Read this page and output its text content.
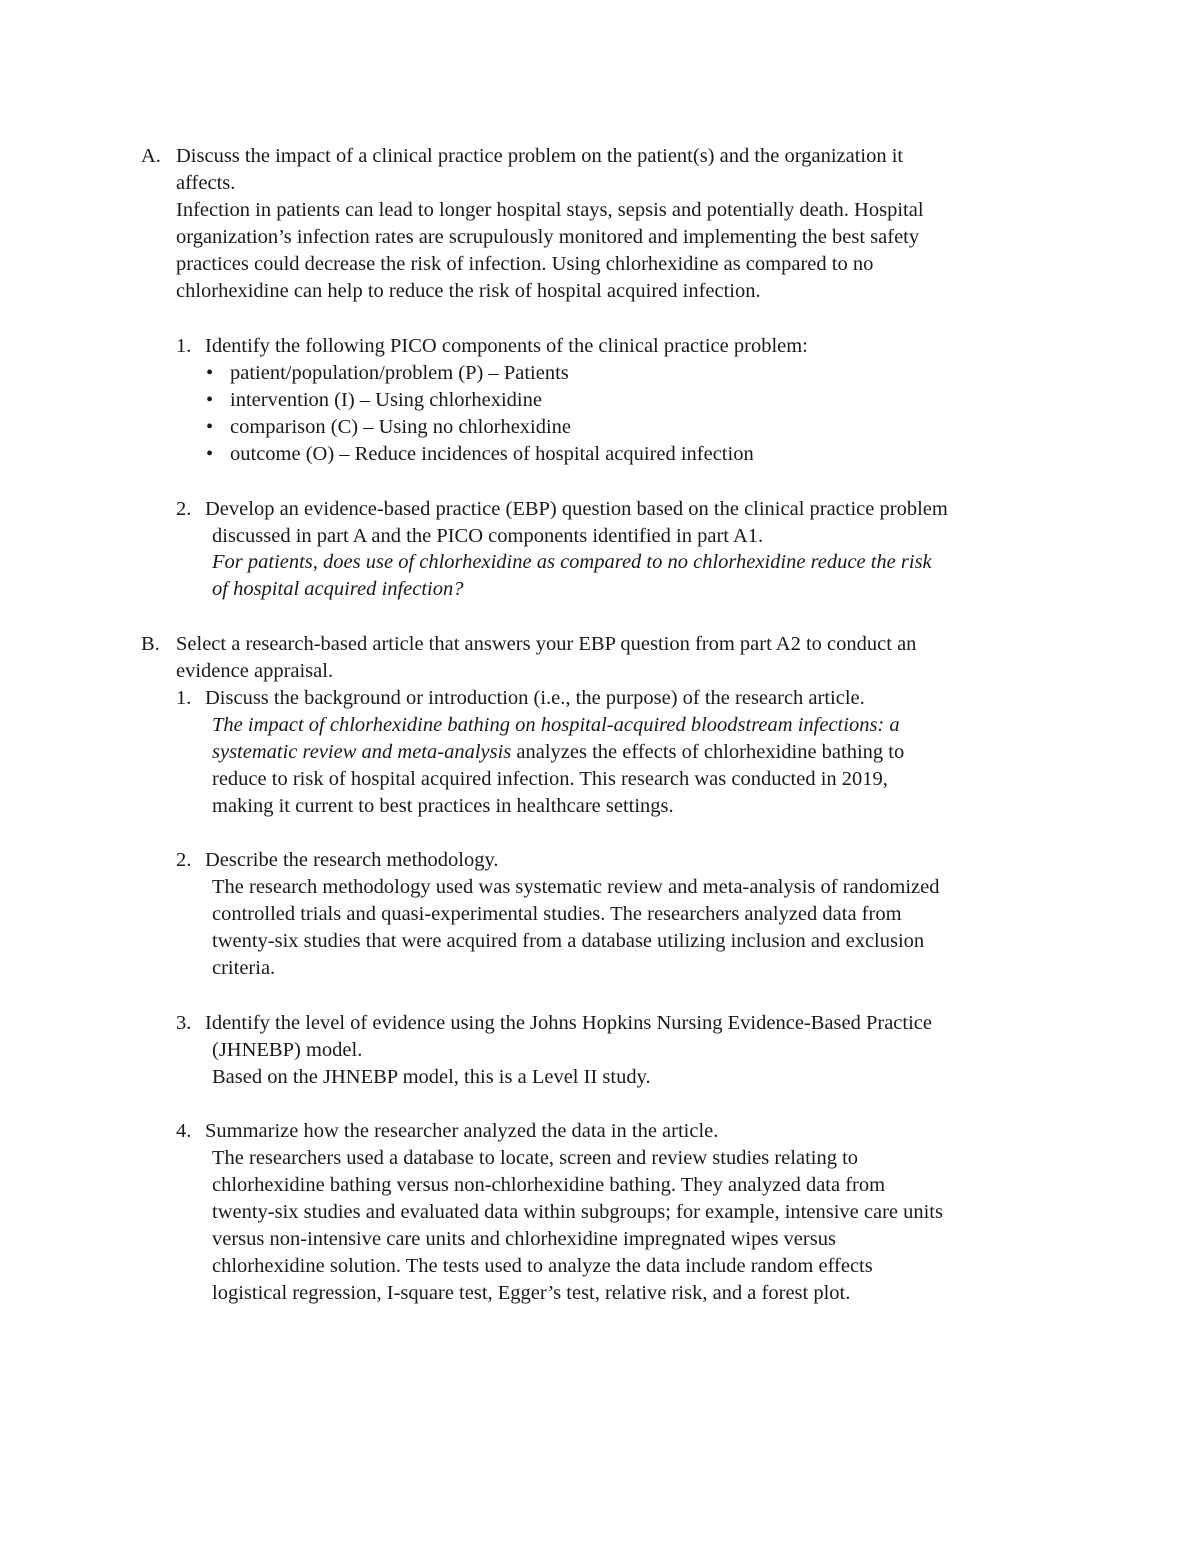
A. Discuss the impact of a clinical practice problem on the patient(s) and the organization it
affects.
Infection in patients can lead to longer hospital stays, sepsis and potentially death. Hospital
organization’s infection rates are scrupulously monitored and implementing the best safety
practices could decrease the risk of infection. Using chlorhexidine as compared to no
chlorhexidine can help to reduce the risk of hospital acquired infection.
1. Identify the following PICO components of the clinical practice problem:
• patient/population/problem (P) – Patients
• intervention (I) – Using chlorhexidine
• comparison (C) – Using no chlorhexidine
• outcome (O) – Reduce incidences of hospital acquired infection
2. Develop an evidence-based practice (EBP) question based on the clinical practice problem
discussed in part A and the PICO components identified in part A1.
For patients, does use of chlorhexidine as compared to no chlorhexidine reduce the risk
of hospital acquired infection?
B. Select a research-based article that answers your EBP question from part A2 to conduct an
evidence appraisal.
1. Discuss the background or introduction (i.e., the purpose) of the research article.
The impact of chlorhexidine bathing on hospital-acquired bloodstream infections: a
systematic review and meta-analysis analyzes the effects of chlorhexidine bathing to
reduce to risk of hospital acquired infection. This research was conducted in 2019,
making it current to best practices in healthcare settings.
2. Describe the research methodology.
The research methodology used was systematic review and meta-analysis of randomized
controlled trials and quasi-experimental studies. The researchers analyzed data from
twenty-six studies that were acquired from a database utilizing inclusion and exclusion
criteria.
3. Identify the level of evidence using the Johns Hopkins Nursing Evidence-Based Practice
(JHNEBP) model.
Based on the JHNEBP model, this is a Level II study.
4. Summarize how the researcher analyzed the data in the article.
The researchers used a database to locate, screen and review studies relating to
chlorhexidine bathing versus non-chlorhexidine bathing. They analyzed data from
twenty-six studies and evaluated data within subgroups; for example, intensive care units
versus non-intensive care units and chlorhexidine impregnated wipes versus
chlorhexidine solution. The tests used to analyze the data include random effects
logistical regression, I-square test, Egger’s test, relative risk, and a forest plot.
